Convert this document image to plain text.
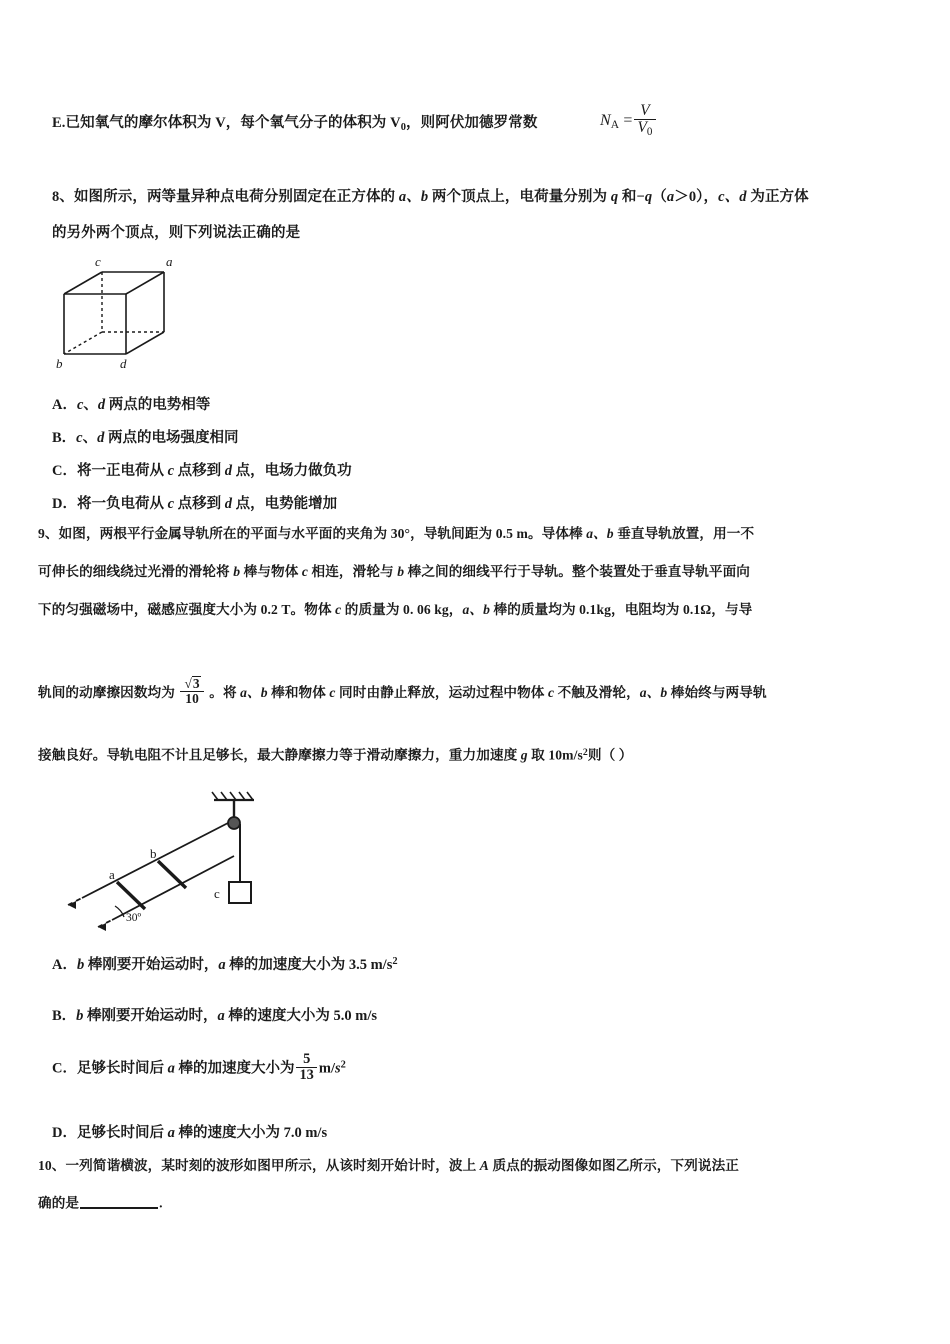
E.已知氧气的摩尔体积为 V，每个氧气分子的体积为 $V_0$，则阿伏加德罗常数	$N_A = \frac{V}{V_0}$
8、如图所示，两等量异种点电荷分别固定在正方体的 a、b 两个顶点上，电荷量分别为 q 和−q（a＞0），c、d 为正方体
的另外两个顶点，则下列说法正确的是
c	a
b	d
A．c、d 两点的电势相等
B．c、d 两点的电场强度相同
C．将一正电荷从 c 点移到 d 点，电场力做负功
D．将一负电荷从 c 点移到 d 点，电势能增加
9、如图，两根平行金属导轨所在的平面与水平面的夹角为 30°，导轨间距为 0.5 m。导体棒 a、b 垂直导轨放置，用一不
可伸长的细线绕过光滑的滑轮将 b 棒与物体 c 相连，滑轮与 b 棒之间的细线平行于导轨。整个装置处于垂直导轨平面向
下的匀强磁场中，磁感应强度大小为 0.2 T。物体 c 的质量为 0. 06 kg，a、b 棒的质量均为 0.1kg，电阻均为 0.1Ω，与导
轨间的动摩擦因数均为 $\frac{√3}{10}$ 。将 a、b 棒和物体 c 同时由静止释放，运动过程中物体 c 不触及滑轮，a、b 棒始终与两导轨
接触良好。导轨电阻不计且足够长，最大静摩擦力等于滑动摩擦力，重力加速度 g 取 $10m/s^2$则（ ）
a
b
c
30º
A．b 棒刚要开始运动时，a 棒的加速度大小为 3.5 $m/s^2$
B．b 棒刚要开始运动时，a 棒的速度大小为 5.0 m/s
C．足够长时间后 a 棒的加速度大小为 $\frac{5}{13} m/s^2$
D．足够长时间后 a 棒的速度大小为 7.0 m/s
10、一列简谐横波，某时刻的波形如图甲所示，从该时刻开始计时，波上 A 质点的振动图像如图乙所示，下列说法正
确的是	.
